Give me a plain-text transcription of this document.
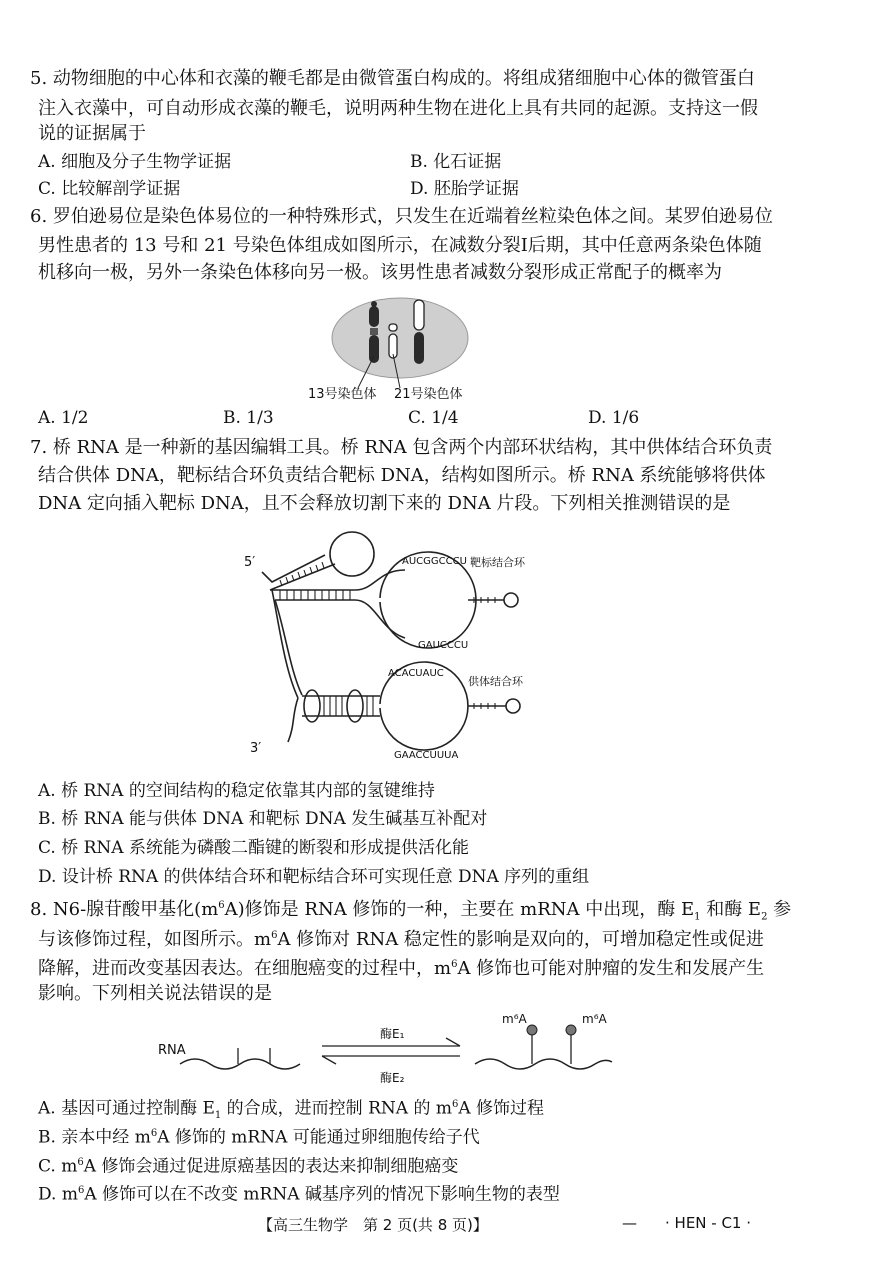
5. 动物细胞的中心体和衣藻的鞭毛都是由微管蛋白构成的。将组成猪细胞中心体的微管蛋白
注入衣藻中，可自动形成衣藻的鞭毛，说明两种生物在进化上具有共同的起源。支持这一假
说的证据属于
A. 细胞及分子生物学证据	B. 化石证据
C. 比较解剖学证据	D. 胚胎学证据
6. 罗伯逊易位是染色体易位的一种特殊形式，只发生在近端着丝粒染色体之间。某罗伯逊易位
男性患者的 13 号和 21 号染色体组成如图所示，在减数分裂Ⅰ后期，其中任意两条染色体随
机移向一极，另外一条染色体移向另一极。该男性患者减数分裂形成正常配子的概率为
13号染色体 21号染色体
A. 1/2	B. 1/3	C. 1/4	D. 1/6
7. 桥 RNA 是一种新的基因编辑工具。桥 RNA 包含两个内部环状结构，其中供体结合环负责
结合供体 DNA，靶标结合环负责结合靶标 DNA，结构如图所示。桥 RNA 系统能够将供体
DNA 定向插入靶标 DNA，且不会释放切割下来的 DNA 片段。下列相关推测错误的是
5′
3′
AUCGGCCCU 靶标结合环
GAUCCCU
ACACUAUC
供体结合环
GAACCUUUA
A. 桥 RNA 的空间结构的稳定依靠其内部的氢键维持
B. 桥 RNA 能与供体 DNA 和靶标 DNA 发生碱基互补配对
C. 桥 RNA 系统能为磷酸二酯键的断裂和形成提供活化能
D. 设计桥 RNA 的供体结合环和靶标结合环可实现任意 DNA 序列的重组
8. N6-腺苷酸甲基化$(m^6A)$修饰是 RNA 修饰的一种，主要在 mRNA 中出现，酶 $E_1$ 和酶 $E_2$ 参
与该修饰过程，如图所示。$m^6A$ 修饰对 RNA 稳定性的影响是双向的，可增加稳定性或促进
降解，进而改变基因表达。在细胞癌变的过程中，$m^6A$ 修饰也可能对肿瘤的发生和发展产生
影响。下列相关说法错误的是
RNA
酶E₁
酶E₂
m⁶A	m⁶A
A. 基因可通过控制酶 $E_1$ 的合成，进而控制 RNA 的 $m^6A$ 修饰过程
B. 亲本中经 $m^6A$ 修饰的 mRNA 可能通过卵细胞传给子代
C. $m^6A$ 修饰会通过促进原癌基因的表达来抑制细胞癌变
D. $m^6A$ 修饰可以在不改变 mRNA 碱基序列的情况下影响生物的表型
【高三生物学　第 2 页(共 8 页)】	— · HEN - C1 ·
